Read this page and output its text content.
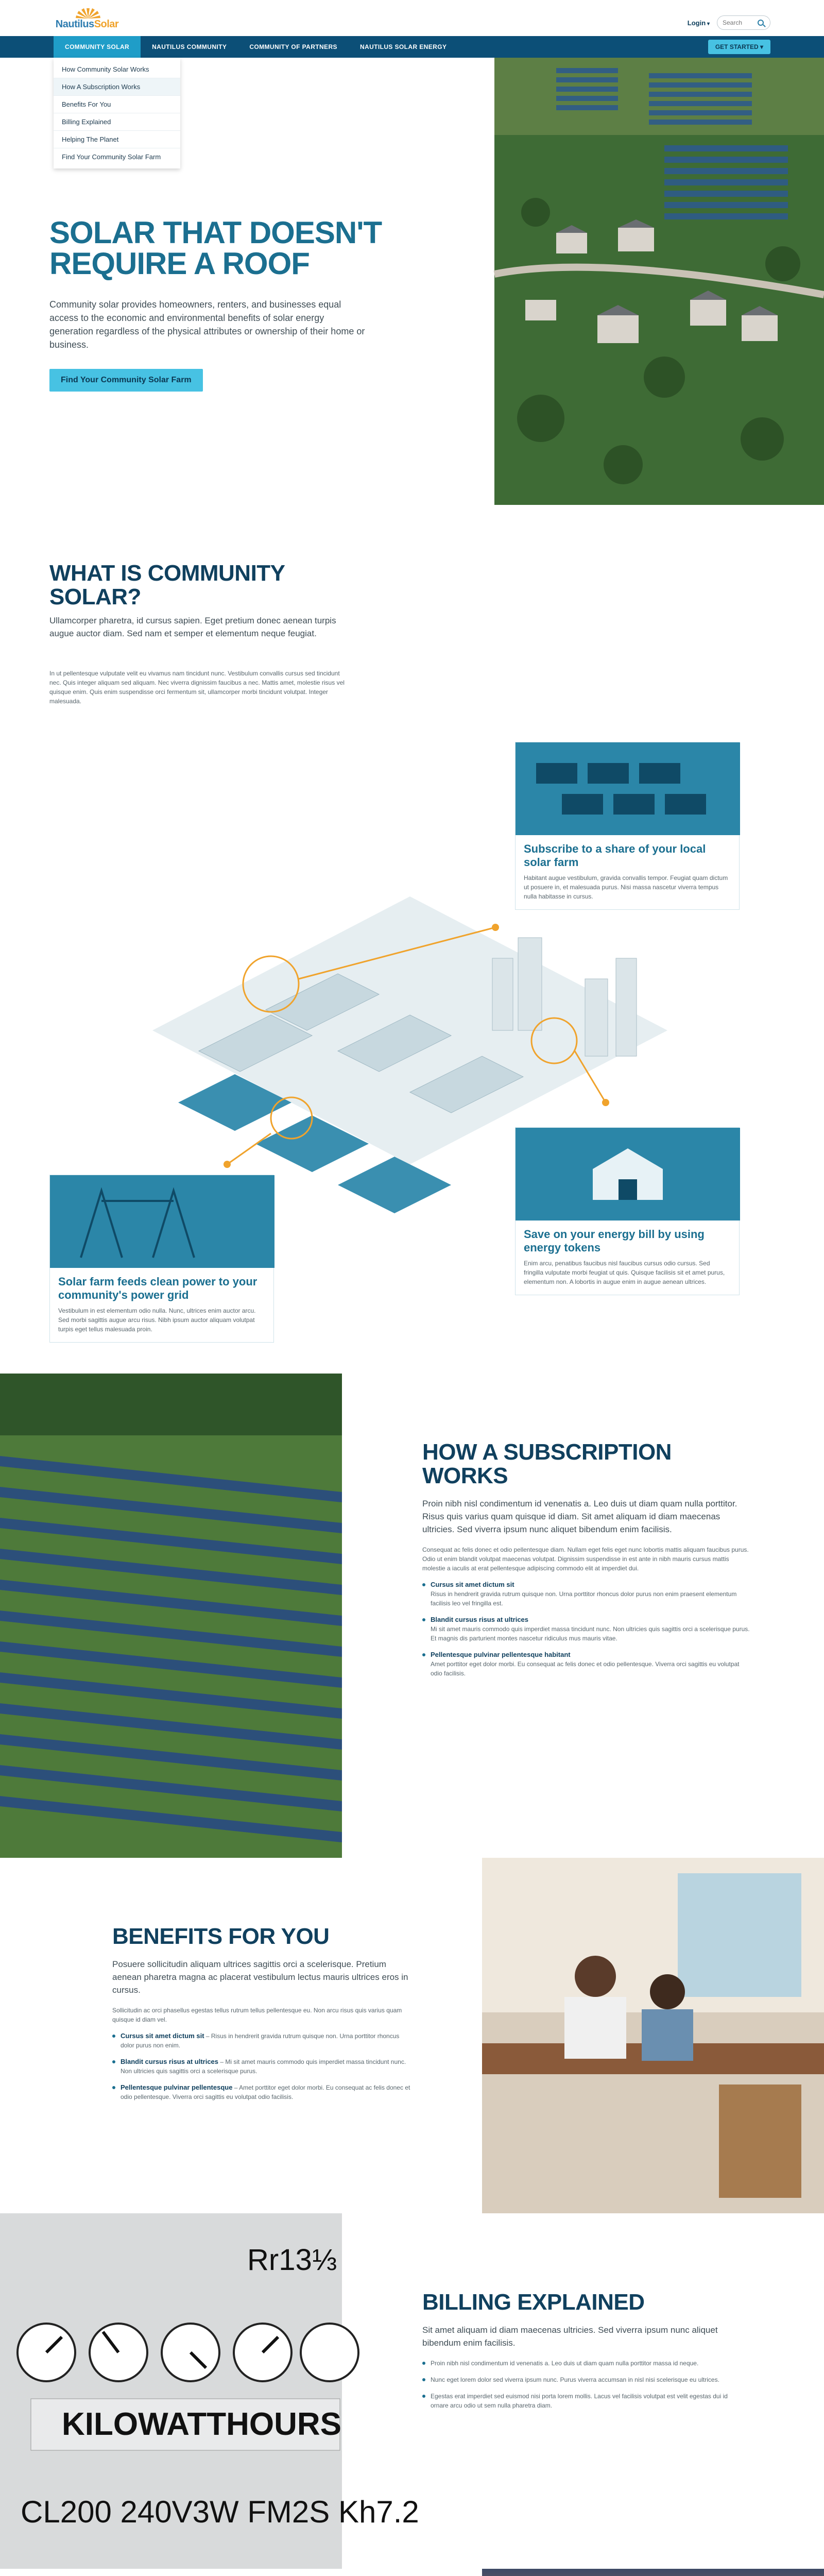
NautilusSolar	Login ▾
Search
COMMUNITY SOLAR	NAUTILUS COMMUNITY	COMMUNITY OF PARTNERS	NAUTILUS SOLAR ENERGY	GET STARTED ▾
How Community Solar Works
How A Subscription Works
Benefits For You
Billing Explained
Helping The Planet
Find Your Community Solar Farm
SOLAR THAT DOESN'T REQUIRE A ROOF

Community solar provides homeowners, renters, and businesses equal access to the economic and environmental benefits of solar energy generation regardless of the physical attributes or ownership of their home or business.

Find Your Community Solar Farm
WHAT IS COMMUNITY SOLAR?

Ullamcorper pharetra, id cursus sapien. Eget pretium donec aenean turpis augue auctor diam. Sed nam et semper et elementum neque feugiat.

In ut pellentesque vulputate velit eu vivamus nam tincidunt nunc. Vestibulum convallis cursus sed tincidunt nec. Quis integer aliquam sed aliquam. Nec viverra dignissim faucibus a nec. Mattis amet, molestie risus vel quisque enim. Quis enim suspendisse orci fermentum sit, ullamcorper morbi tincidunt volutpat. Integer malesuada.

Subscribe to a share of your local solar farm

Habitant augue vestibulum, gravida convallis tempor. Feugiat quam dictum ut posuere in, et malesuada purus. Nisi massa nascetur viverra tempus nulla habitasse in cursus.

Solar farm feeds clean power to your community's power grid

Vestibulum in est elementum odio nulla. Nunc, ultrices enim auctor arcu. Sed morbi sagittis augue arcu risus. Nibh ipsum auctor aliquam volutpat turpis eget tellus malesuada proin.

Save on your energy bill by using energy tokens

Enim arcu, penatibus faucibus nisl faucibus cursus odio cursus. Sed fringilla vulputate morbi feugiat ut quis. Quisque facilisis sit et amet purus, elementum non. A lobortis in augue enim in augue aenean ultrices.

HOW A SUBSCRIPTION WORKS

Proin nibh nisl condimentum id venenatis a. Leo duis ut diam quam nulla porttitor. Risus quis varius quam quisque id diam. Sit amet aliquam id diam maecenas ultricies. Sed viverra ipsum nunc aliquet bibendum enim facilisis.

Consequat ac felis donec et odio pellentesque diam. Nullam eget felis eget nunc lobortis mattis aliquam faucibus purus. Odio ut enim blandit volutpat maecenas volutpat. Dignissim suspendisse in est ante in nibh mauris cursus mattis molestie a iaculis at erat pellentesque adipiscing commodo elit at imperdiet dui.

Cursus sit amet dictum sit
Risus in hendrerit gravida rutrum quisque non. Urna porttitor rhoncus dolor purus non enim praesent elementum facilisis leo vel fringilla est.
Blandit cursus risus at ultrices
Mi sit amet mauris commodo quis imperdiet massa tincidunt nunc. Non ultricies quis sagittis orci a scelerisque purus. Et magnis dis parturient montes nascetur ridiculus mus mauris vitae.
Pellentesque pulvinar pellentesque habitant
Amet porttitor eget dolor morbi. Eu consequat ac felis donec et odio pellentesque. Viverra orci sagittis eu volutpat odio facilisis.
BENEFITS FOR YOU

Posuere sollicitudin aliquam ultrices sagittis orci a scelerisque. Pretium aenean pharetra magna ac placerat vestibulum lectus mauris ultrices eros in cursus.

Sollicitudin ac orci phasellus egestas tellus rutrum tellus pellentesque eu. Non arcu risus quis varius quam quisque id diam vel.

Cursus sit amet dictum sit – Risus in hendrerit gravida rutrum quisque non. Urna porttitor rhoncus dolor purus non enim.
Blandit cursus risus at ultrices – Mi sit amet mauris commodo quis imperdiet massa tincidunt nunc. Non ultricies quis sagittis orci a scelerisque purus.
Pellentesque pulvinar pellentesque – Amet porttitor eget dolor morbi. Eu consequat ac felis donec et odio pellentesque. Viverra orci sagittis eu volutpat odio facilisis.
KILOWATTHOURS
Rr13⅓
CL200 240V3W FM2S Kh7.2
BILLING EXPLAINED

Sit amet aliquam id diam maecenas ultricies. Sed viverra ipsum nunc aliquet bibendum enim facilisis.

Proin nibh nisl condimentum id venenatis a. Leo duis ut diam quam nulla porttitor massa id neque.
Nunc eget lorem dolor sed viverra ipsum nunc. Purus viverra accumsan in nisl nisi scelerisque eu ultrices.
Egestas erat imperdiet sed euismod nisi porta lorem mollis. Lacus vel facilisis volutpat est velit egestas dui id ornare arcu odio ut sem nulla pharetra diam.
